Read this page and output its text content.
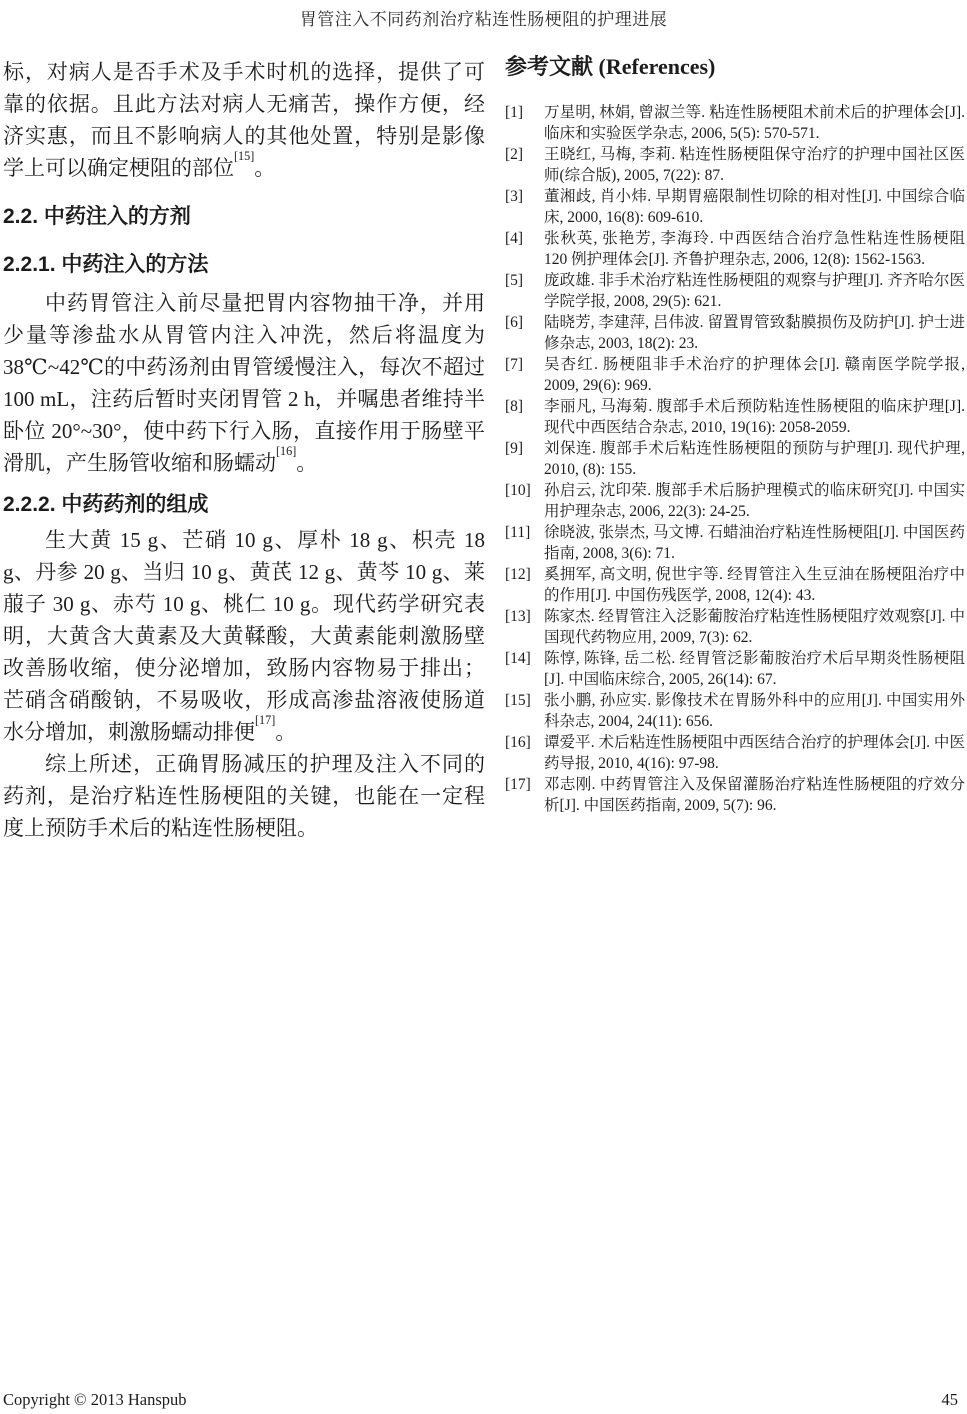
胃管注入不同药剂治疗粘连性肠梗阻的护理进展

标，对病人是否手术及手术时机的选择，提供了可靠的依据。且此方法对病人无痛苦，操作方便，经济实惠，而且不影响病人的其他处置，特别是影像学上可以确定梗阻的部位[15]。

2.2. 中药注入的方剂
2.2.1. 中药注入的方法

中药胃管注入前尽量把胃内容物抽干净，并用少量等渗盐水从胃管内注入冲洗，然后将温度为 38℃~42℃的中药汤剂由胃管缓慢注入，每次不超过 100 mL，注药后暂时夹闭胃管 2 h，并嘱患者维持半卧位 20°~30°，使中药下行入肠，直接作用于肠壁平滑肌，产生肠管收缩和肠蠕动[16]。

2.2.2. 中药药剂的组成

生大黄 15 g、芒硝 10 g、厚朴 18 g、枳壳 18 g、丹参 20 g、当归 10 g、黄芪 12 g、黄芩 10 g、莱菔子 30 g、赤芍 10 g、桃仁 10 g。现代药学研究表明，大黄含大黄素及大黄鞣酸，大黄素能刺激肠壁改善肠收缩，使分泌增加，致肠内容物易于排出；芒硝含硝酸钠，不易吸收，形成高渗盐溶液使肠道水分增加，刺激肠蠕动排便[17]。

综上所述，正确胃肠减压的护理及注入不同的药剂，是治疗粘连性肠梗阻的关键，也能在一定程度上预防手术后的粘连性肠梗阻。

参考文献 (References)
[1] 万星明, 林娟, 曾淑兰等. 粘连性肠梗阻术前术后的护理体会[J]. 临床和实验医学杂志, 2006, 5(5): 570-571.
[2] 王晓红, 马梅, 李莉. 粘连性肠梗阻保守治疗的护理中国社区医师(综合版), 2005, 7(22): 87.
[3] 董湘歧, 肖小炜. 早期胃癌限制性切除的相对性[J]. 中国综合临床, 2000, 16(8): 609-610.
[4] 张秋英, 张艳芳, 李海玲. 中西医结合治疗急性粘连性肠梗阻 120 例护理体会[J]. 齐鲁护理杂志, 2006, 12(8): 1562-1563.
[5] 庞政雄. 非手术治疗粘连性肠梗阻的观察与护理[J]. 齐齐哈尔医学院学报, 2008, 29(5): 621.
[6] 陆晓芳, 李建萍, 吕伟波. 留置胃管致黏膜损伤及防护[J]. 护士进修杂志, 2003, 18(2): 23.
[7] 吴杏红. 肠梗阻非手术治疗的护理体会[J]. 赣南医学院学报, 2009, 29(6): 969.
[8] 李丽凡, 马海菊. 腹部手术后预防粘连性肠梗阻的临床护理[J]. 现代中西医结合杂志, 2010, 19(16): 2058-2059.
[9] 刘保连. 腹部手术后粘连性肠梗阻的预防与护理[J]. 现代护理, 2010, (8): 155.
[10] 孙启云, 沈印荣. 腹部手术后肠护理模式的临床研究[J]. 中国实用护理杂志, 2006, 22(3): 24-25.
[11] 徐晓波, 张崇杰, 马文博. 石蜡油治疗粘连性肠梗阻[J]. 中国医药指南, 2008, 3(6): 71.
[12] 奚拥军, 高文明, 倪世宇等. 经胃管注入生豆油在肠梗阻治疗中的作用[J]. 中国伤残医学, 2008, 12(4): 43.
[13] 陈家杰. 经胃管注入泛影葡胺治疗粘连性肠梗阻疗效观察[J]. 中国现代药物应用, 2009, 7(3): 62.
[14] 陈惇, 陈锋, 岳二松. 经胃管泛影葡胺治疗术后早期炎性肠梗阻[J]. 中国临床综合, 2005, 26(14): 67.
[15] 张小鹏, 孙应实. 影像技术在胃肠外科中的应用[J]. 中国实用外科杂志, 2004, 24(11): 656.
[16] 谭爱平. 术后粘连性肠梗阻中西医结合治疗的护理体会[J]. 中医药导报, 2010, 4(16): 97-98.
[17] 邓志刚. 中药胃管注入及保留灌肠治疗粘连性肠梗阻的疗效分析[J]. 中国医药指南, 2009, 5(7): 96.
Copyright © 2013 Hanspub	45
